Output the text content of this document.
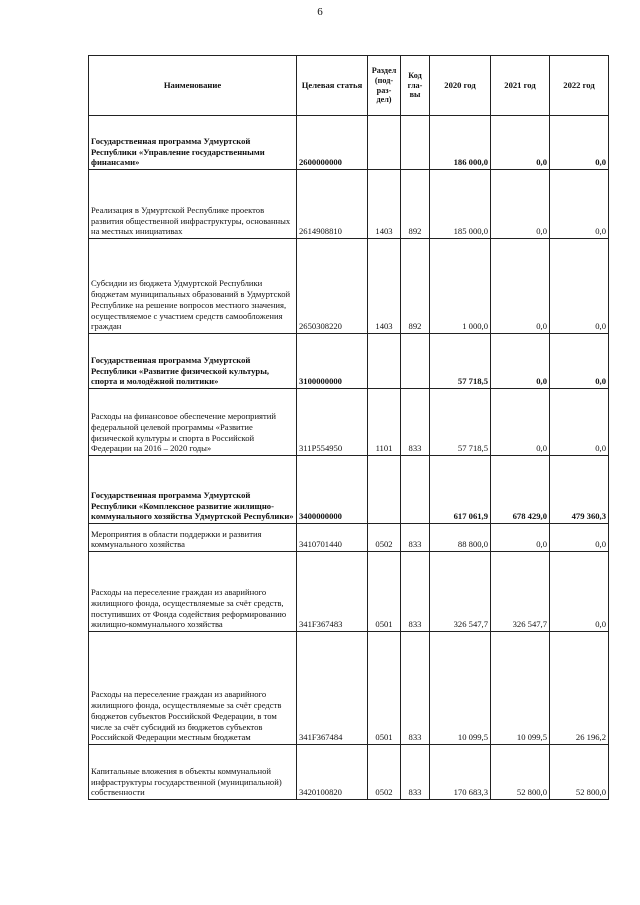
6
Наименование	Целевая статья	Раздел (под-раз-дел)	Код гла-вы	2020 год	2021 год	2022 год
Государственная программа Удмуртской Республики «Управление государственными финансами»	2600000000			186 000,0	0,0	0,0
Реализация в Удмуртской Республике проектов развития общественной инфраструктуры, основанных на местных инициативах	2614908810	1403	892	185 000,0	0,0	0,0
Субсидии из бюджета Удмуртской Республики бюджетам муниципальных образований в Удмуртской Республике на решение вопросов местного значения, осуществляемое с участием средств самообложения граждан	2650308220	1403	892	1 000,0	0,0	0,0
Государственная программа Удмуртской Республики «Развитие физической культуры, спорта и молодёжной политики»	3100000000			57 718,5	0,0	0,0
Расходы на финансовое обеспечение мероприятий федеральной целевой программы «Развитие физической культуры и спорта в Российской Федерации на 2016 – 2020 годы»	311P554950	1101	833	57 718,5	0,0	0,0
Государственная программа Удмуртской Республики «Комплексное развитие жилищно-коммунального хозяйства Удмуртской Республики»	3400000000			617 061,9	678 429,0	479 360,3
Мероприятия в области поддержки и развития коммунального хозяйства	3410701440	0502	833	88 800,0	0,0	0,0
Расходы на переселение граждан из аварийного жилищного фонда, осуществляемые за счёт средств, поступивших от Фонда содействия реформированию жилищно-коммунального хозяйства	341F367483	0501	833	326 547,7	326 547,7	0,0
Расходы на переселение граждан из аварийного жилищного фонда, осуществляемые за счёт средств бюджетов субъектов Российской Федерации, в том числе за счёт субсидий из бюджетов субъектов Российской Федерации местным бюджетам	341F367484	0501	833	10 099,5	10 099,5	26 196,2
Капитальные вложения в объекты коммунальной инфраструктуры государственной (муниципальной) собственности	3420100820	0502	833	170 683,3	52 800,0	52 800,0
